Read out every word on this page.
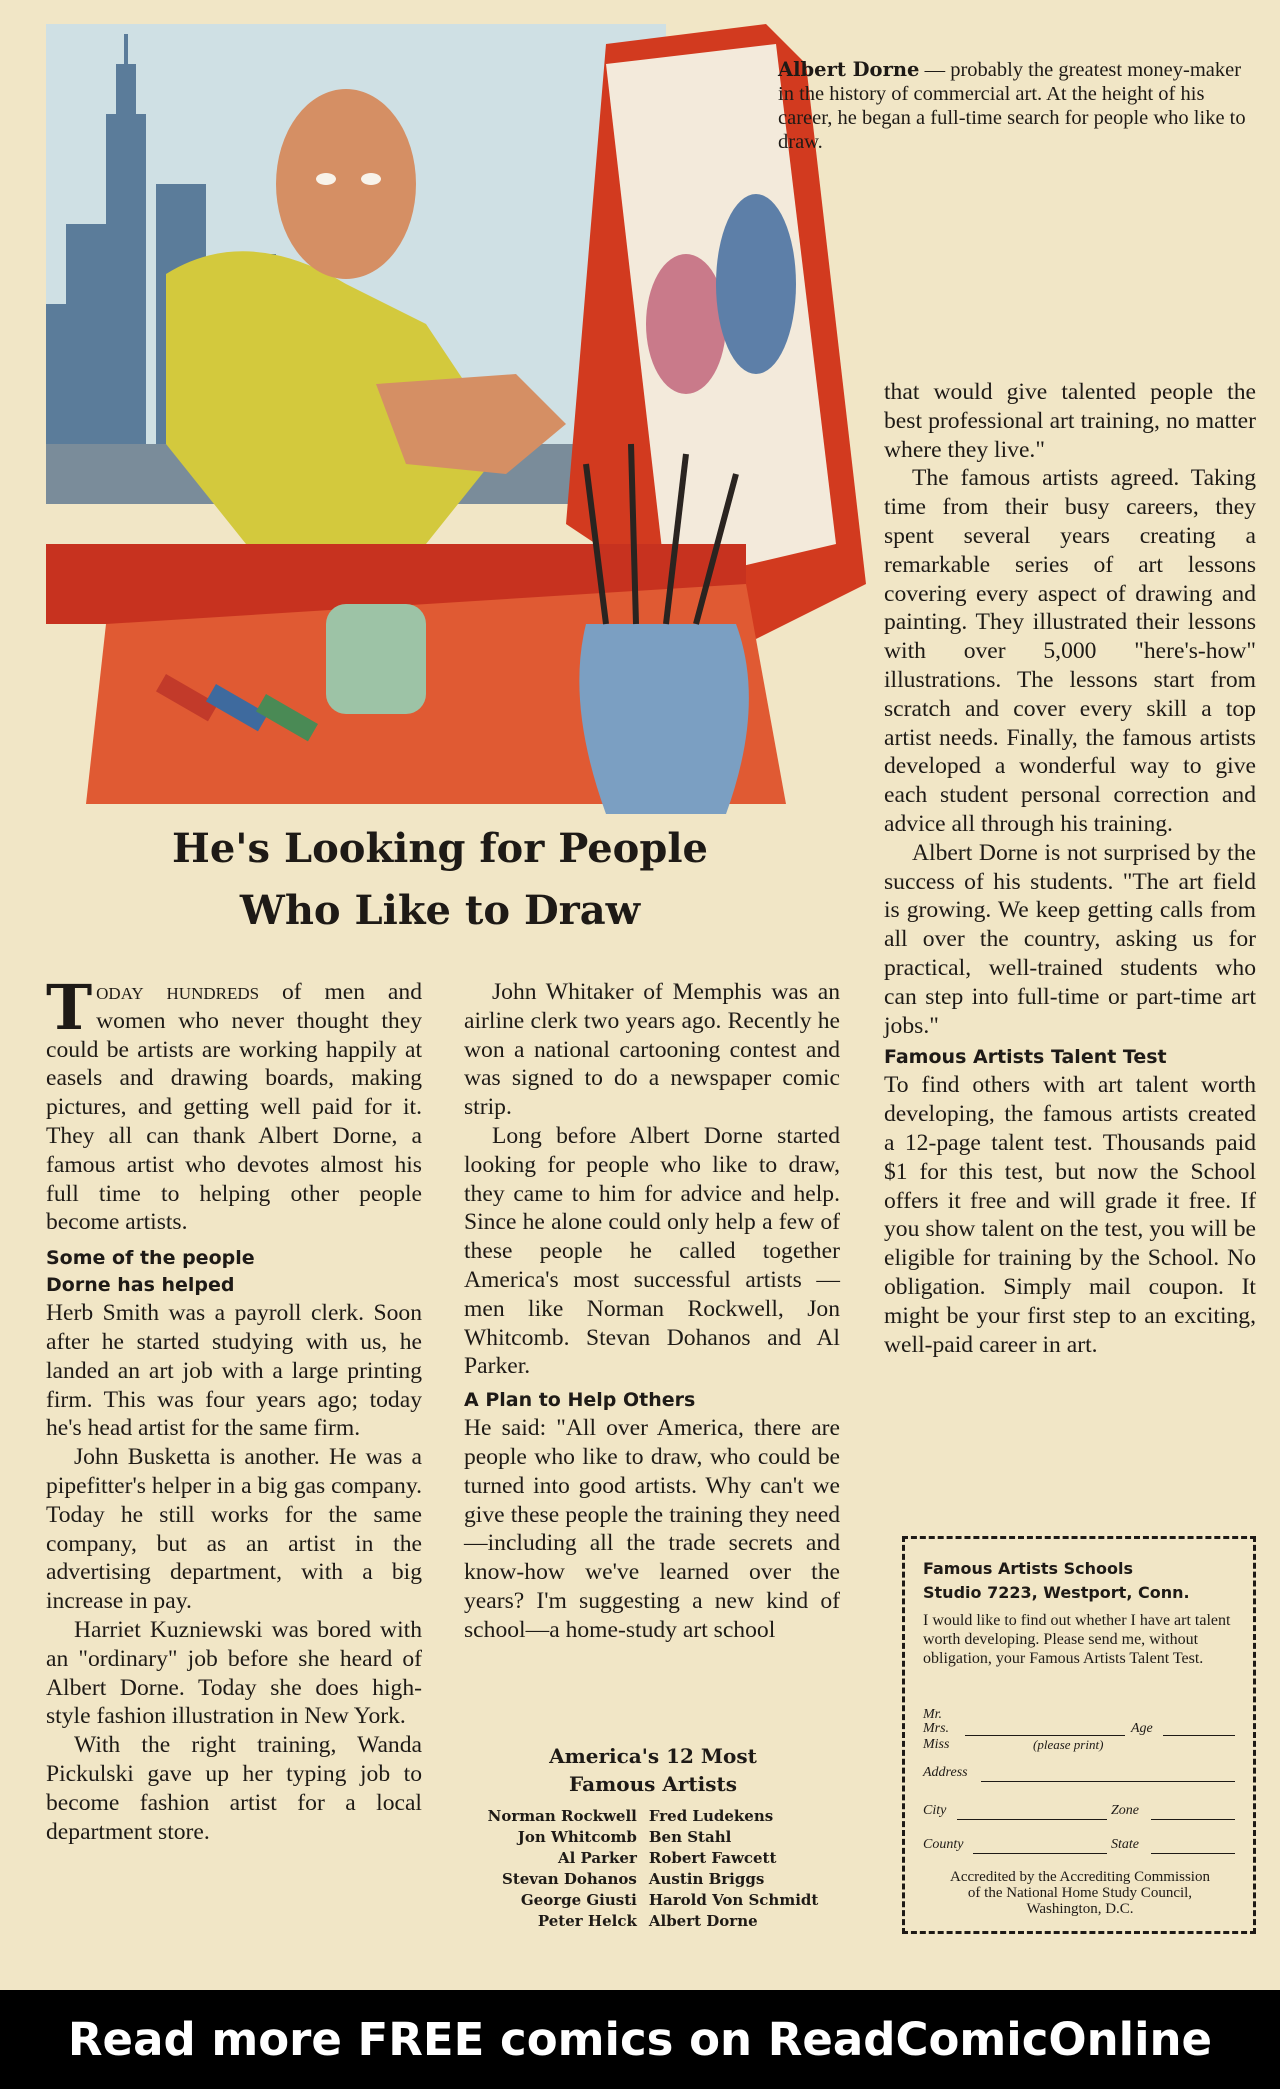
Albert Dorne — probably the greatest money-maker in the history of commercial art. At the height of his career, he began a full-time search for people who like to draw.
He's Looking for People
Who Like to Draw

Today hundreds of men and women who never thought they could be artists are working happily at easels and drawing boards, making pictures, and getting well paid for it. They all can thank Albert Dorne, a famous artist who devotes almost his full time to helping other people become artists.

Some of the people
Dorne has helped

Herb Smith was a payroll clerk. Soon after he started studying with us, he landed an art job with a large printing firm. This was four years ago; today he's head artist for the same firm.

John Busketta is another. He was a pipefitter's helper in a big gas company. Today he still works for the same company, but as an artist in the advertising department, with a big increase in pay.

Harriet Kuzniewski was bored with an "ordinary" job before she heard of Albert Dorne. Today she does high-style fashion illustration in New York.

With the right training, Wanda Pickulski gave up her typing job to become fashion artist for a local department store.

John Whitaker of Memphis was an airline clerk two years ago. Recently he won a national cartooning contest and was signed to do a newspaper comic strip.

Long before Albert Dorne started looking for people who like to draw, they came to him for advice and help. Since he alone could only help a few of these people he called together America's most successful artists —men like Norman Rockwell, Jon Whitcomb. Stevan Dohanos and Al Parker.

A Plan to Help Others

He said: "All over America, there are people who like to draw, who could be turned into good artists. Why can't we give these people the training they need—including all the trade secrets and know-how we've learned over the years? I'm suggesting a new kind of school—a home-study art school

that would give talented people the best professional art training, no matter where they live."

The famous artists agreed. Taking time from their busy careers, they spent several years creating a remarkable series of art lessons covering every aspect of drawing and painting. They illustrated their lessons with over 5,000 "here's-how" illustrations. The lessons start from scratch and cover every skill a top artist needs. Finally, the famous artists developed a wonderful way to give each student personal correction and advice all through his training.

Albert Dorne is not surprised by the success of his students. "The art field is growing. We keep getting calls from all over the country, asking us for practical, well-trained students who can step into full-time or part-time art jobs."

Famous Artists Talent Test

To find others with art talent worth developing, the famous artists created a 12-page talent test. Thousands paid $1 for this test, but now the School offers it free and will grade it free. If you show talent on the test, you will be eligible for training by the School. No obligation. Simply mail coupon. It might be your first step to an exciting, well-paid career in art.

America's 12 Most
Famous Artists
Norman Rockwell	Fred Ludekens
Jon Whitcomb	Ben Stahl
Al Parker	Robert Fawcett
Stevan Dohanos	Austin Briggs
George Giusti	Harold Von Schmidt
Peter Helck	Albert Dorne
Famous Artists Schools
Studio 7223, Westport, Conn.
I would like to find out whether I have art talent worth developing. Please send me, without obligation, your Famous Artists Talent Test.
Mr.
Mrs.	Age
Miss	(please print)
Address
City	Zone
County	State
Accredited by the Accrediting Commission of the National Home Study Council, Washington, D.C.
Read more FREE comics on ReadComicOnline
